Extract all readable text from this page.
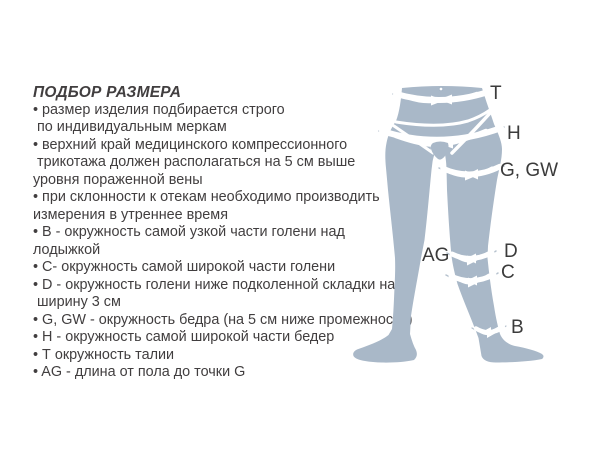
ПОДБОР РАЗМЕРА
• размер изделия подбирается строго
по индивидуальным меркам
• верхний край медицинского компрессионного
трикотажа должен располагаться на 5 см выше
уровня пораженной вены
• при склонности к отекам необходимо производить
измерения в утреннее время
• В - окружность самой узкой части голени над
лодыжкой
• С- окружность самой широкой части голени
• D - окружность голени ниже подколенной складки на
ширину 3 см
• G, GW - окружность бедра (на 5 см ниже промежности)
• H - окружность самой широкой части бедер
• Т окружность талии
• AG - длина от пола до точки G
T
H
G, GW
AG	D
C
B
